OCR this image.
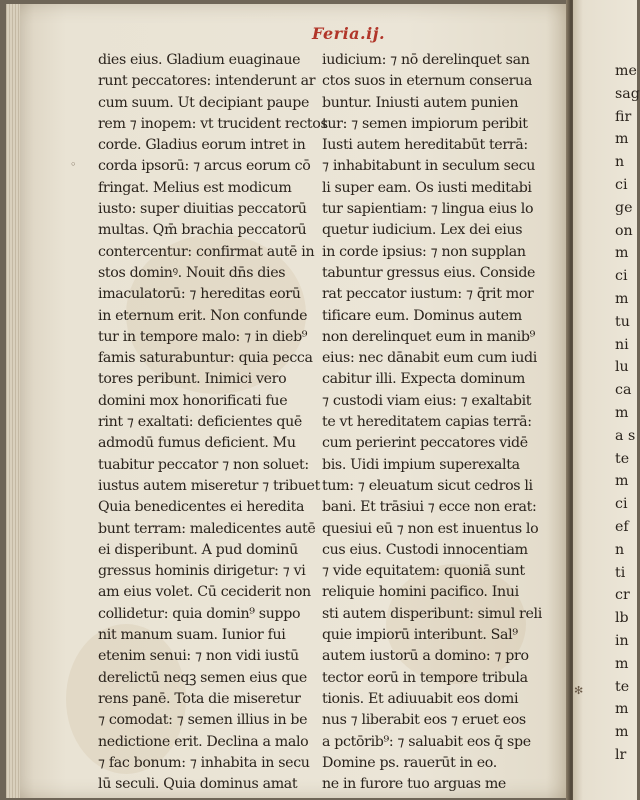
me
sag
fir
m
n
ci
ge
on
m
ci
m
tu
ni
lu
ca
m
a s
te
m
ci
ef
n
ti
cr
lb
in
m
te
m
m
lr
Feria.ij.
dies eius. Gladium euaginaue
runt peccatores: intenderunt ar
cum suum. Ut decipiant paupe
rem ⁊ inopem: vt trucident rectos
corde. Gladius eorum intret in
corda ipsorū: ⁊ arcus eorum cō
fringat. Melius est modicum
iusto: super diuitias peccatorū
multas. Qm̄ brachia peccatorū
contercentur: confirmat autē in
stos dominꝰ. Nouit dn̄s dies
imaculatorū: ⁊ hereditas eorū
in eternum erit. Non confunde
tur in tempore malo: ⁊ in dieb⁹
famis saturabuntur: quia pecca
tores peribunt. Inimici vero
domini mox honorificati fue
rint ⁊ exaltati: deficientes quē
admodū fumus deficient. Mu
tuabitur peccator ⁊ non soluet:
iustus autem miseretur ⁊ tribuet
Quia benedicentes ei heredita
bunt terram: maledicentes autē
ei disperibunt. A pud dominū
gressus hominis dirigetur: ⁊ vi
am eius volet. Cū ceciderit non
collidetur: quia domin⁹ suppo
nit manum suam. Iunior fui
etenim senui: ⁊ non vidi iustū
derelictū neqꝫ semen eius que
rens panē. Tota die miseretur
⁊ comodat: ⁊ semen illius in be
nedictione erit. Declina a malo
⁊ fac bonum: ⁊ inhabita in secu
lū seculi. Quia dominus amat
iudicium: ⁊ nō derelinquet san
ctos suos in eternum conserua
buntur. Iniusti autem punien
tur: ⁊ semen impiorum peribit
Iusti autem hereditabūt terrā:
⁊ inhabitabunt in seculum secu
li super eam. Os iusti meditabi
tur sapientiam: ⁊ lingua eius lo
quetur iudicium. Lex dei eius
in corde ipsius: ⁊ non supplan
tabuntur gressus eius. Conside
rat peccator iustum: ⁊ q̄rit mor
tificare eum. Dominus autem
non derelinquet eum in manib⁹
eius: nec dānabit eum cum iudi
cabitur illi. Expecta dominum
⁊ custodi viam eius: ⁊ exaltabit
te vt hereditatem capias terrā:
cum perierint peccatores vidē
bis. Uidi impium superexalta
tum: ⁊ eleuatum sicut cedros li
bani. Et trāsiui ⁊ ecce non erat:
quesiui eū ⁊ non est inuentus lo
cus eius. Custodi innocentiam
⁊ vide equitatem: quoniā sunt
reliquie homini pacifico. Inui
sti autem disperibunt: simul reli
quie impiorū interibunt. Sal⁹
autem iustorū a domino: ⁊ pro
tector eorū in tempore tribula
tionis. Et adiuuabit eos domi
nus ⁊ liberabit eos ⁊ eruet eos
a pctōrib⁹: ⁊ saluabit eos q̄ spe
Domine ps. rauerūt in eo.
ne in furore tuo arguas me
◦
✻
